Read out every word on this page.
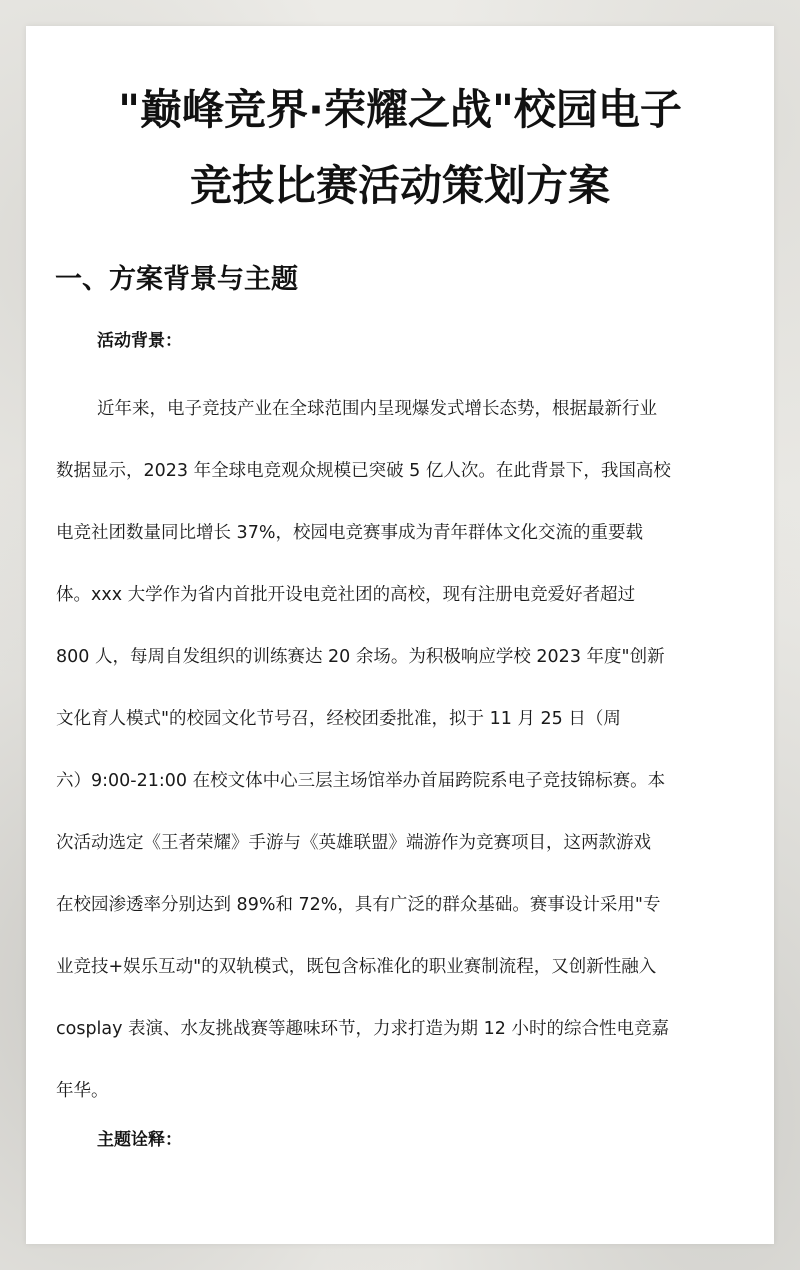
"巅峰竞界·荣耀之战"校园电子
竞技比赛活动策划方案
一、方案背景与主题

活动背景：

近年来，电子竞技产业在全球范围内呈现爆发式增长态势，根据最新行业
数据显示，2023 年全球电竞观众规模已突破 5 亿人次。在此背景下，我国高校
电竞社团数量同比增长 37%，校园电竞赛事成为青年群体文化交流的重要载
体。xxx 大学作为省内首批开设电竞社团的高校，现有注册电竞爱好者超过
800 人，每周自发组织的训练赛达 20 余场。为积极响应学校 2023 年度"创新
文化育人模式"的校园文化节号召，经校团委批准，拟于 11 月 25 日（周
六）9:00-21:00 在校文体中心三层主场馆举办首届跨院系电子竞技锦标赛。本
次活动选定《王者荣耀》手游与《英雄联盟》端游作为竞赛项目，这两款游戏
在校园渗透率分别达到 89%和 72%，具有广泛的群众基础。赛事设计采用"专
业竞技+娱乐互动"的双轨模式，既包含标准化的职业赛制流程，又创新性融入
cosplay 表演、水友挑战赛等趣味环节，力求打造为期 12 小时的综合性电竞嘉
年华。

主题诠释：
